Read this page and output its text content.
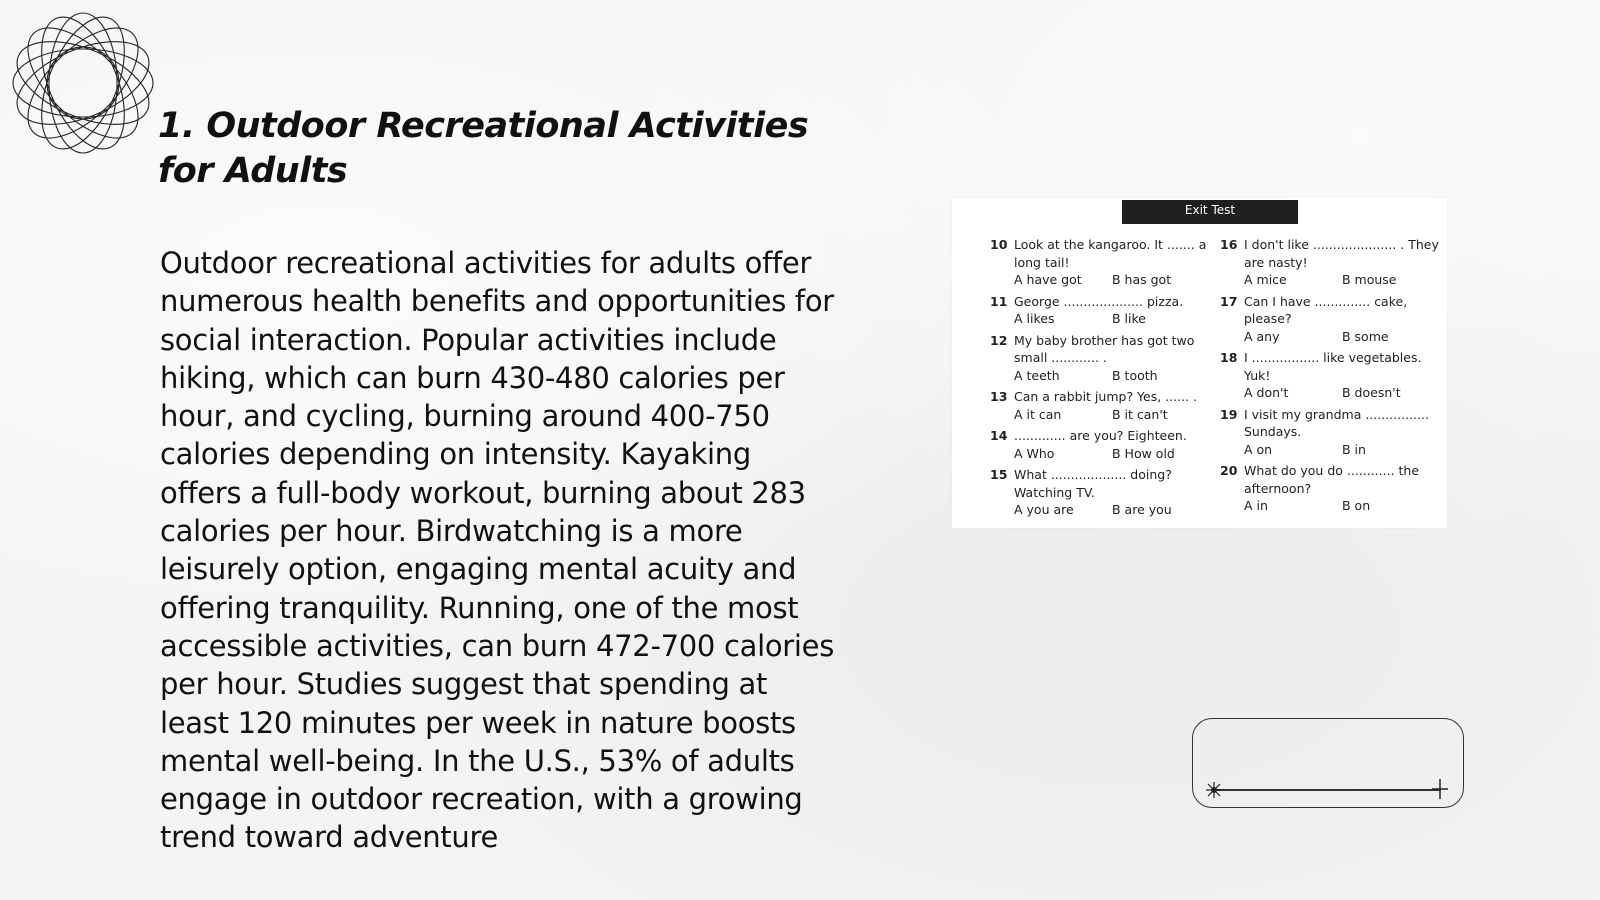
1. Outdoor Recreational Activities for Adults

Outdoor recreational activities for adults offer numerous health benefits and opportunities for social interaction. Popular activities include hiking, which can burn 430-480 calories per hour, and cycling, burning around 400-750 calories depending on intensity. Kayaking offers a full-body workout, burning about 283 calories per hour. Birdwatching is a more leisurely option, engaging mental acuity and offering tranquility. Running, one of the most accessible activities, can burn 472-700 calories per hour. Studies suggest that spending at least 120 minutes per week in nature boosts mental well-being. In the U.S., 53% of adults engage in outdoor recreation, with a growing trend toward adventure

Exit Test
10 Look at the kangaroo. It ....... a long tail!
A have got	B has got
11 George .................... pizza.
A likes	B like
12 My baby brother has got two small ............ .
A teeth	B tooth
13 Can a rabbit jump? Yes, ...... .
A it can	B it can't
14 ............. are you? Eighteen.
A Who	B How old
15 What ................... doing? Watching TV.
A you are	B are you
16 I don't like ..................... . They are nasty!
A mice	B mouse
17 Can I have .............. cake, please?
A any	B some
18 I ................. like vegetables. Yuk!
A don't	B doesn't
19 I visit my grandma ................ Sundays.
A on	B in
20 What do you do ............ the afternoon?
A in	B on
